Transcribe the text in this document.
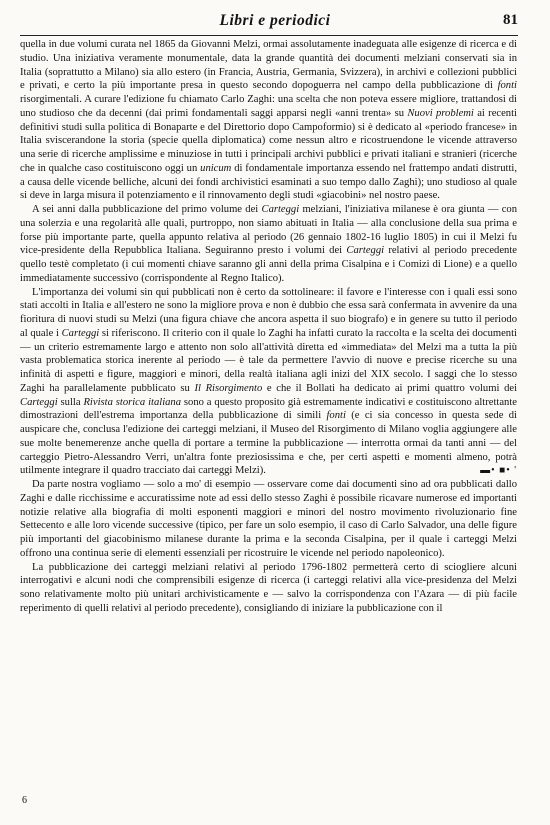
Libri e periodici	81

quella in due volumi curata nel 1865 da Giovanni Melzi, ormai assolutamente inadeguata alle esigenze di ricerca e di studio. Una iniziativa veramente monumentale, data la grande quantità dei documenti melziani conservati sia in Italia (soprattutto a Milano) sia allo estero (in Francia, Austria, Germania, Svizzera), in archivi e collezioni pubblici e privati, e certo la più importante presa in questo secondo dopoguerra nel campo della pubblicazione di fonti risorgimentali. A curare l'edizione fu chiamato Carlo Zaghi: una scelta che non poteva essere migliore, trattandosi di uno studioso che da decenni (dai primi fondamentali saggi apparsi negli «anni trenta» su Nuovi problemi ai recenti definitivi studi sulla politica di Bonaparte e del Direttorio dopo Campoformio) si è dedicato al «periodo francese» in Italia sviscerandone la storia (specie quella diplomatica) come nessun altro e ricostruendone le vicende attraverso una serie di ricerche amplissime e minuziose in tutti i principali archivi pubblici e privati italiani e stranieri (ricerche che in qualche caso costituiscono oggi un unicum di fondamentale importanza essendo nel frattempo andati distrutti, a causa delle vicende belliche, alcuni dei fondi archivistici esaminati a suo tempo dallo Zaghi); uno studioso al quale si deve in larga misura il potenziamento e il rinnovamento degli studi «giacobini» nel nostro paese.

A sei anni dalla pubblicazione del primo volume dei Carteggi melziani, l'iniziativa milanese è ora giunta — con una solerzia e una regolarità alle quali, purtroppo, non siamo abituati in Italia — alla conclusione della sua prima e forse più importante parte, quella appunto relativa al periodo (26 gennaio 1802-16 luglio 1805) in cui il Melzi fu vice-presidente della Repubblica Italiana. Seguiranno presto i volumi dei Carteggi relativi al periodo precedente quello testè completato (i cui momenti chiave saranno gli anni della prima Cisalpina e i Comizi di Lione) e a quello immediatamente successivo (corrispondente al Regno Italico).

L'importanza dei volumi sin qui pubblicati non è certo da sottolineare: il favore e l'interesse con i quali essi sono stati accolti in Italia e all'estero ne sono la migliore prova e non è dubbio che essa sarà confermata in avvenire da una fioritura di nuovi studi su Melzi (una figura chiave che ancora aspetta il suo biografo) e in genere su tutto il periodo al quale i Carteggi si riferiscono. Il criterio con il quale lo Zaghi ha infatti curato la raccolta e la scelta dei documenti — un criterio estremamente largo e attento non solo all'attività diretta ed «immediata» del Melzi ma a tutta la più vasta problematica storica inerente al periodo — è tale da permettere l'avvio di nuove e precise ricerche su una infinità di aspetti e figure, maggiori e minori, della realtà italiana agli inizi del XIX secolo. I saggi che lo stesso Zaghi ha parallelamente pubblicato su Il Risorgimento e che il Bollati ha dedicato ai primi quattro volumi dei Carteggi sulla Rivista storica italiana sono a questo proposito già estremamente indicativi e costituiscono altrettante dimostrazioni dell'estrema importanza della pubblicazione di simili fonti (e ci sia concesso in questa sede di auspicare che, conclusa l'edizione dei carteggi melziani, il Museo del Risorgimento di Milano voglia aggiungere alle sue molte benemerenze anche quella di portare a termine la pubblicazione — interrotta ormai da tanti anni — del carteggio Pietro-Alessandro Verri, un'altra fonte preziosissima e che, per certi aspetti e momenti almeno, potrà utilmente integrare il quadro tracciato dai carteggi Melzi).	▬• ■• '

Da parte nostra vogliamo — solo a mo' di esempio — osservare come dai documenti sino ad ora pubblicati dallo Zaghi e dalle ricchissime e accuratissime note ad essi dello stesso Zaghi è possibile ricavare numerose ed importanti notizie relative alla biografia di molti esponenti maggiori e minori del nostro movimento rivoluzionario fine Settecento e alle loro vicende successive (tipico, per fare un solo esempio, il caso di Carlo Salvador, una delle figure più importanti del giacobinismo milanese durante la prima e la seconda Cisalpina, per il quale i carteggi Melzi offrono una continua serie di elementi essenziali per ricostruire le vicende nel periodo napoleonico).

La pubblicazione dei carteggi melziani relativi al periodo 1796-1802 permetterà certo di sciogliere alcuni interrogativi e alcuni nodi che comprensibili esigenze di ricerca (i carteggi relativi alla vice-presidenza del Melzi sono relativamente molto più unitari archivisticamente e — salvo la corrispondenza con l'Azara — di più facile reperimento di quelli relativi al periodo precedente), consigliando di iniziare la pubblicazione con il

6
